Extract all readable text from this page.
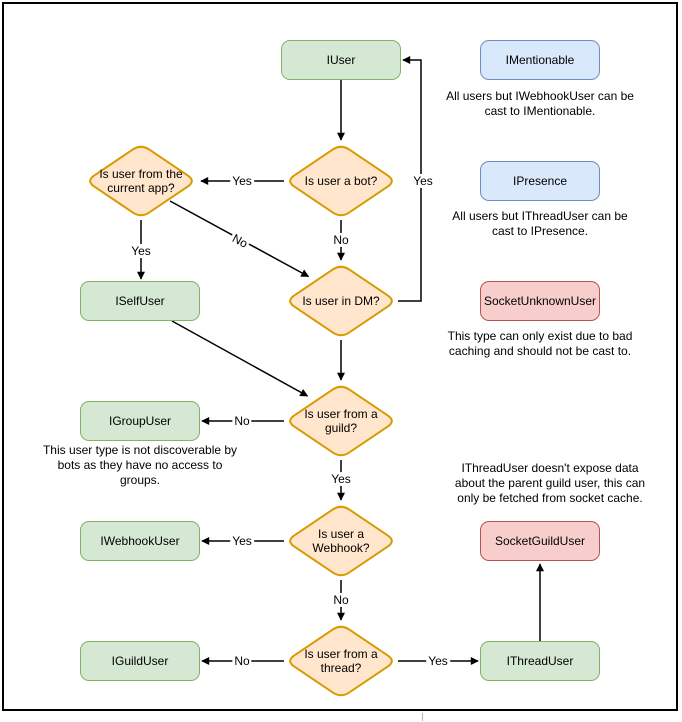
IUser	IMentionable
IPresence
SocketUnknownUser
ISelfUser
IGroupUser
IWebhookUser	SocketGuildUser
IGuildUser	IThreadUser
Is user from the current app?	Is user a bot?
Is user in DM?
Is user from a guild?
Is user a Webhook?
Is user from a thread?
Yes
No
Yes
No
Yes
No
Yes
Yes
No
No	Yes
All users but IWebhookUser can be
cast to IMentionable.
All users but IThreadUser can be
cast to IPresence.
This type can only exist due to bad
caching and should not be cast to.
This user type is not discoverable by
bots as they have no access to
groups.
IThreadUser doesn't expose data
about the parent guild user, this can
only be fetched from socket cache.
